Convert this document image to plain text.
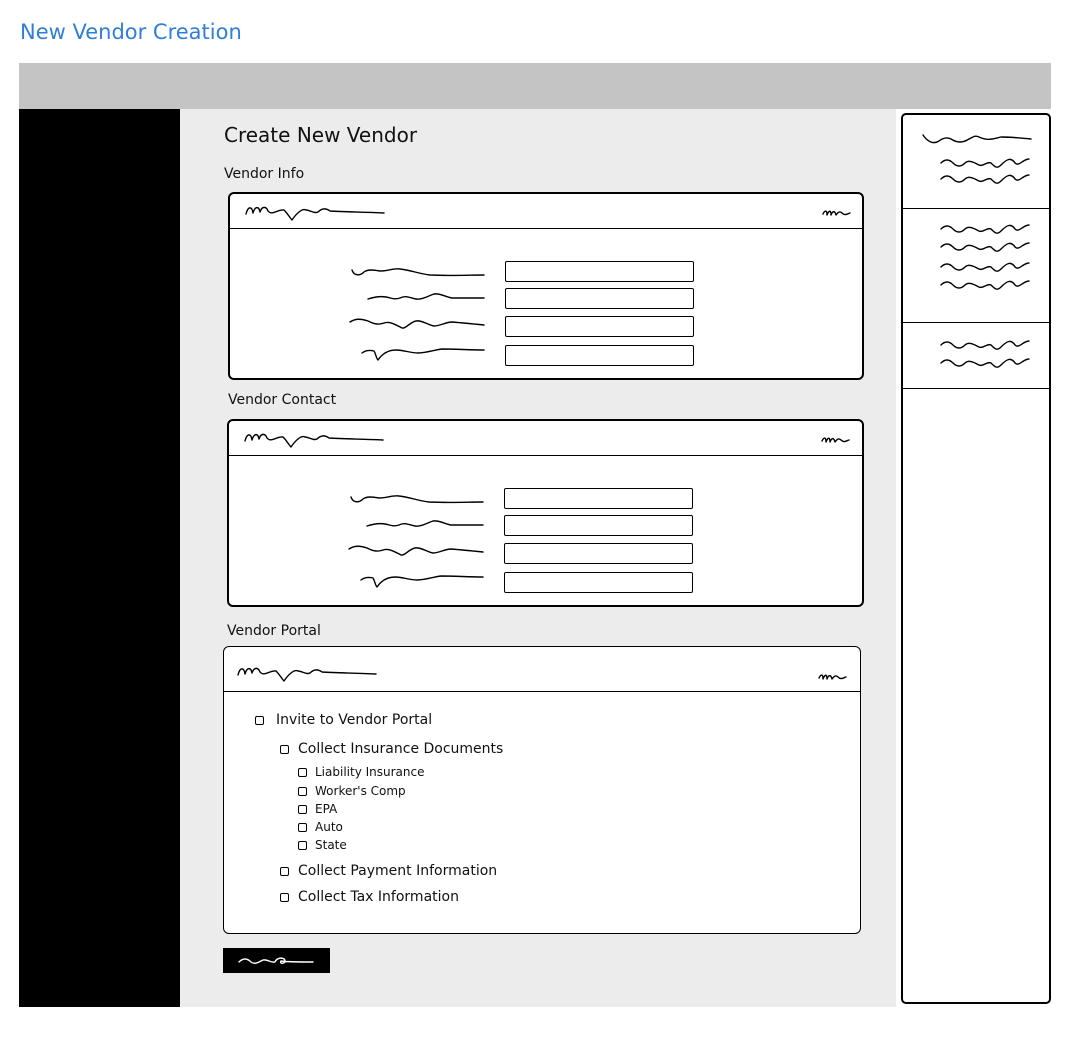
New Vendor Creation
Create New Vendor
Vendor Info
Vendor Contact
Vendor Portal
Invite to Vendor Portal
Collect Insurance Documents
Liability Insurance
Worker's Comp
EPA
Auto
State
Collect Payment Information
Collect Tax Information
